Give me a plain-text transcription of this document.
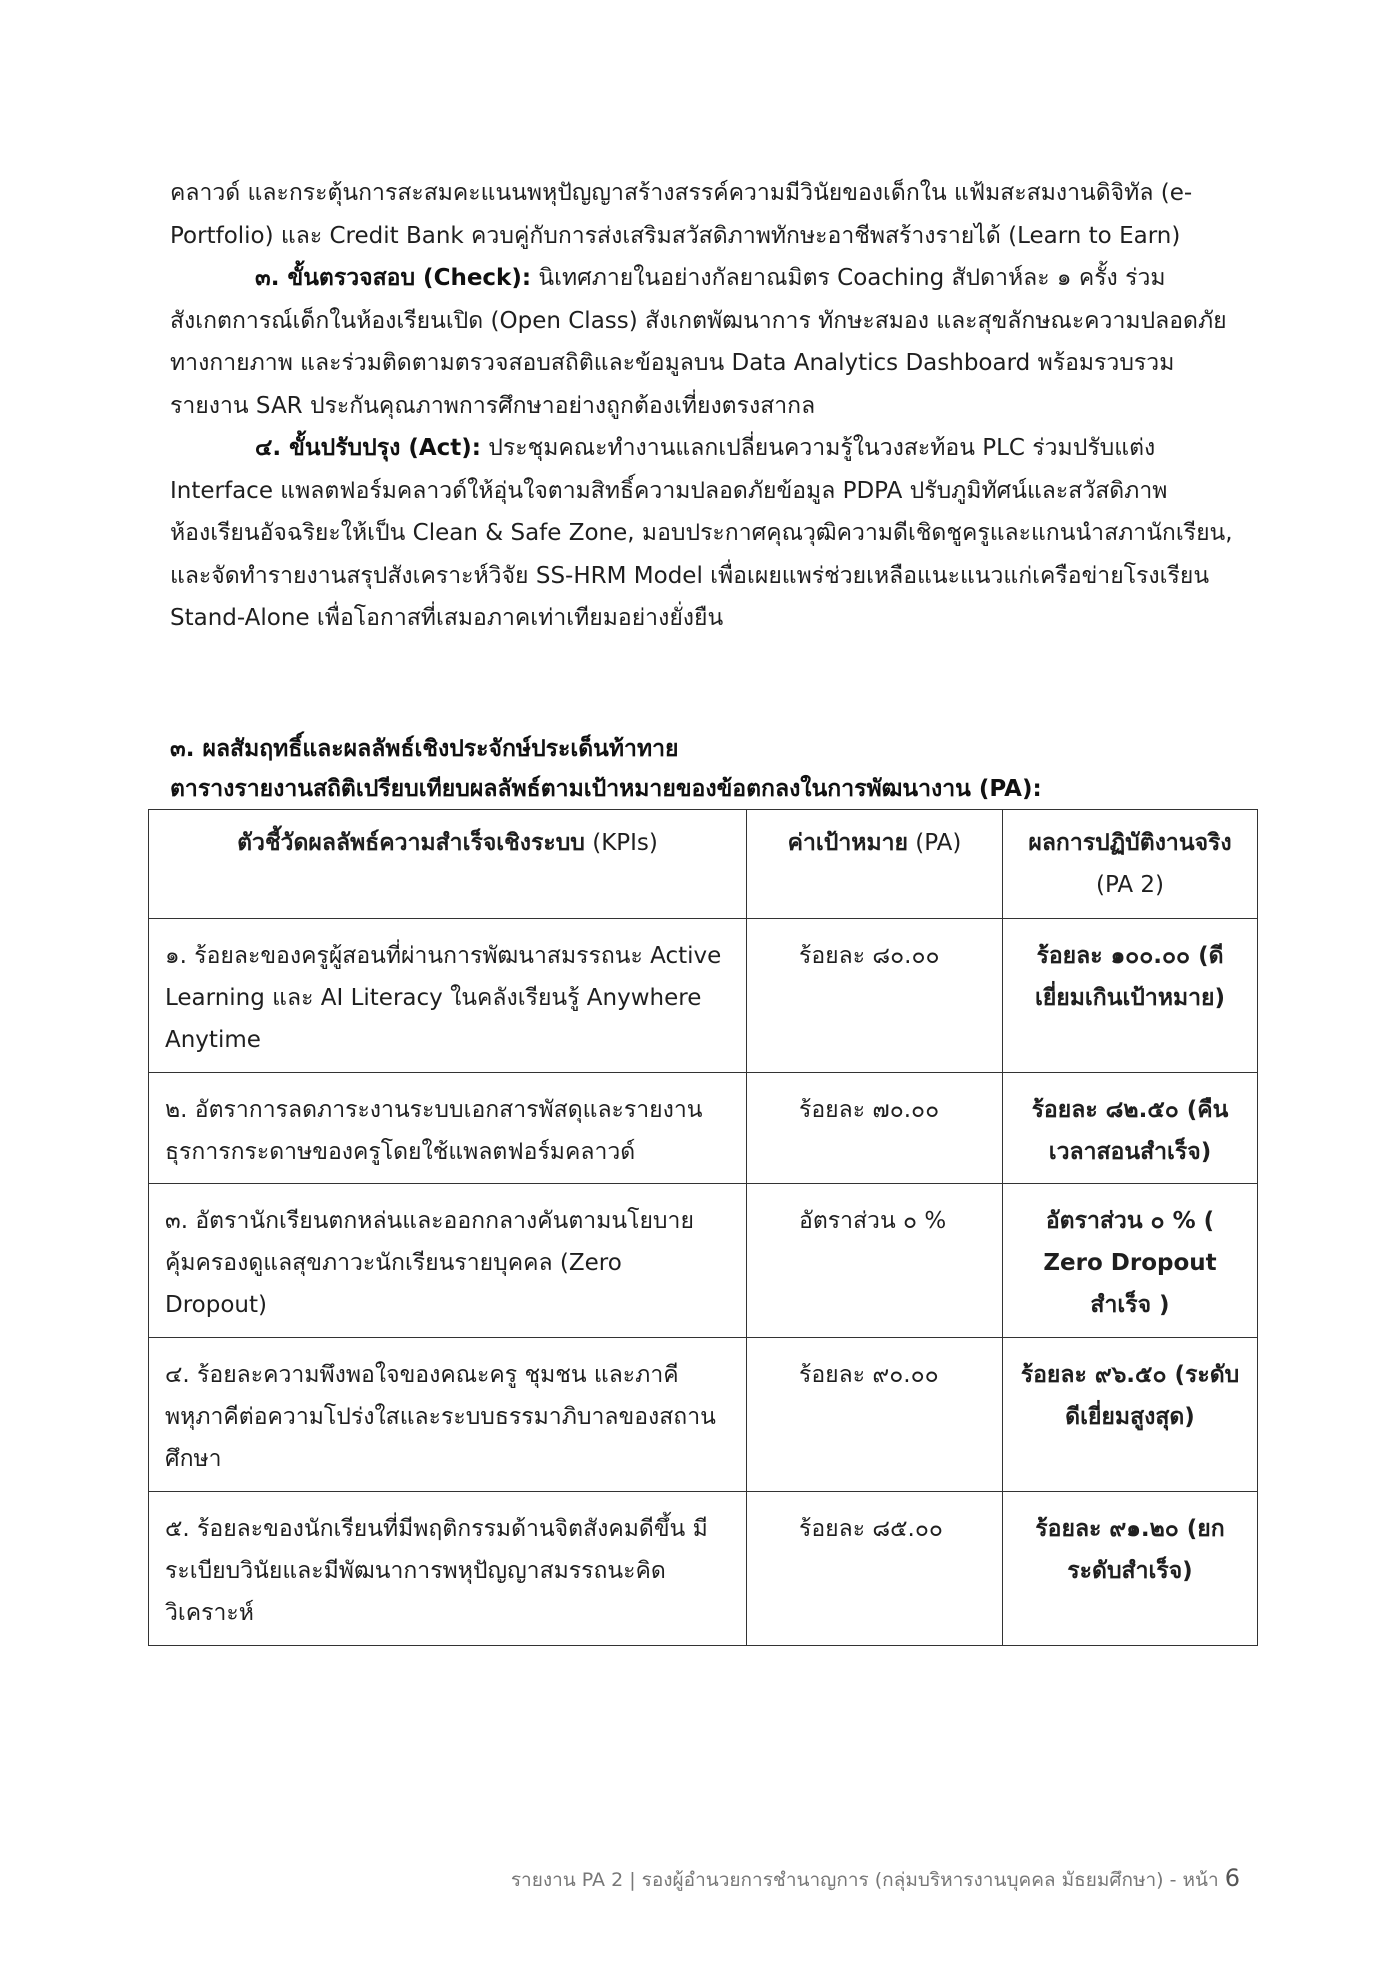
คลาวด์ และกระตุ้นการสะสมคะแนนพหุปัญญาสร้างสรรค์ความมีวินัยของเด็กใน แฟ้มสะสมงานดิจิทัล (e-Portfolio) และ Credit Bank ควบคู่กับการส่งเสริมสวัสดิภาพทักษะอาชีพสร้างรายได้ (Learn to Earn)

๓. ขั้นตรวจสอบ (Check): นิเทศภายในอย่างกัลยาณมิตร Coaching สัปดาห์ละ ๑ ครั้ง ร่วมสังเกตการณ์เด็กในห้องเรียนเปิด (Open Class) สังเกตพัฒนาการ ทักษะสมอง และสุขลักษณะความปลอดภัยทางกายภาพ และร่วมติดตามตรวจสอบสถิติและข้อมูลบน Data Analytics Dashboard พร้อมรวบรวมรายงาน SAR ประกันคุณภาพการศึกษาอย่างถูกต้องเที่ยงตรงสากล

๔. ขั้นปรับปรุง (Act): ประชุมคณะทำงานแลกเปลี่ยนความรู้ในวงสะท้อน PLC ร่วมปรับแต่ง Interface แพลตฟอร์มคลาวด์ให้อุ่นใจตามสิทธิ์ความปลอดภัยข้อมูล PDPA ปรับภูมิทัศน์และสวัสดิภาพห้องเรียนอัจฉริยะให้เป็น Clean & Safe Zone, มอบประกาศคุณวุฒิความดีเชิดชูครูและแกนนำสภานักเรียน, และจัดทำรายงานสรุปสังเคราะห์วิจัย SS-HRM Model เพื่อเผยแพร่ช่วยเหลือแนะแนวแก่เครือข่ายโรงเรียน Stand-Alone เพื่อโอกาสที่เสมอภาคเท่าเทียมอย่างยั่งยืน

๓. ผลสัมฤทธิ์และผลลัพธ์เชิงประจักษ์ประเด็นท้าทาย

ตารางรายงานสถิติเปรียบเทียบผลลัพธ์ตามเป้าหมายของข้อตกลงในการพัฒนางาน (PA):

ตัวชี้วัดผลลัพธ์ความสำเร็จเชิงระบบ (KPIs)	ค่าเป้าหมาย (PA)	ผลการปฏิบัติงานจริง (PA 2)
๑. ร้อยละของครูผู้สอนที่ผ่านการพัฒนาสมรรถนะ Active Learning และ AI Literacy ในคลังเรียนรู้ Anywhere Anytime	ร้อยละ ๘๐.๐๐	ร้อยละ ๑๐๐.๐๐ (ดีเยี่ยมเกินเป้าหมาย)
๒. อัตราการลดภาระงานระบบเอกสารพัสดุและรายงานธุรการกระดาษของครูโดยใช้แพลตฟอร์มคลาวด์	ร้อยละ ๗๐.๐๐	ร้อยละ ๘๒.๕๐ (คืนเวลาสอนสำเร็จ)
๓. อัตรานักเรียนตกหล่นและออกกลางคันตามนโยบายคุ้มครองดูแลสุขภาวะนักเรียนรายบุคคล (Zero Dropout)	อัตราส่วน ๐ %	อัตราส่วน ๐ % ( Zero Dropout สำเร็จ )
๔. ร้อยละความพึงพอใจของคณะครู ชุมชน และภาคีพหุภาคีต่อความโปร่งใสและระบบธรรมาภิบาลของสถานศึกษา	ร้อยละ ๙๐.๐๐	ร้อยละ ๙๖.๕๐ (ระดับดีเยี่ยมสูงสุด)
๕. ร้อยละของนักเรียนที่มีพฤติกรรมด้านจิตสังคมดีขึ้น มีระเบียบวินัยและมีพัฒนาการพหุปัญญาสมรรถนะคิดวิเคราะห์	ร้อยละ ๘๕.๐๐	ร้อยละ ๙๑.๒๐ (ยกระดับสำเร็จ)

รายงาน PA 2 | รองผู้อำนวยการชำนาญการ (กลุ่มบริหารงานบุคคล มัธยมศึกษา) - หน้า 6
